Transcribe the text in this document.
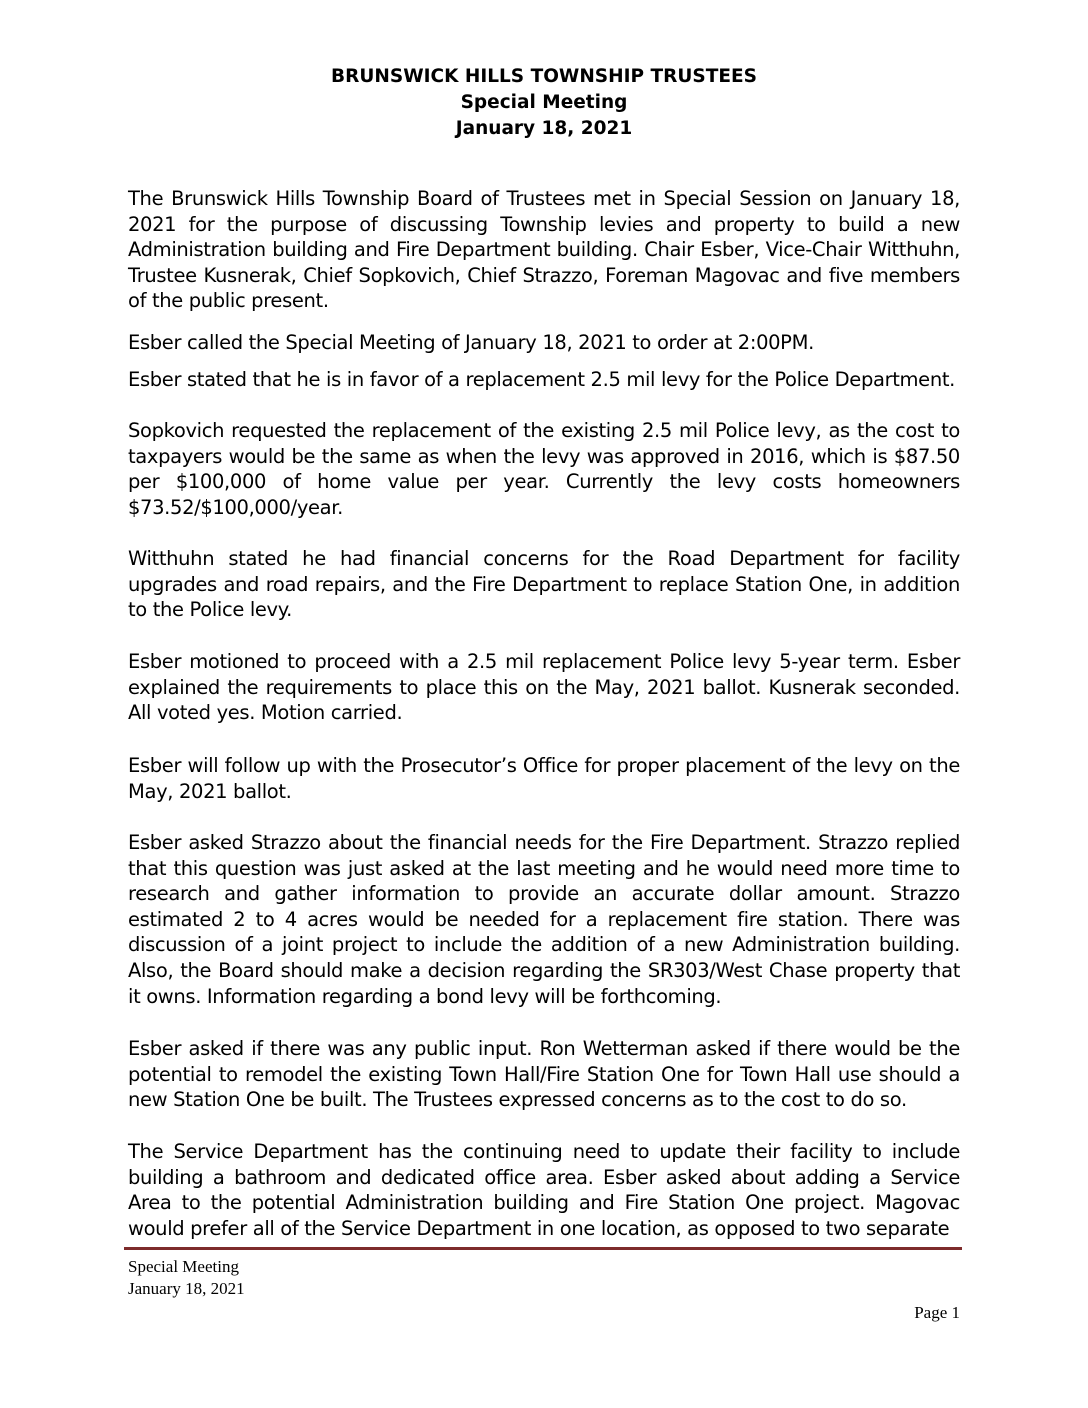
BRUNSWICK HILLS TOWNSHIP TRUSTEES
Special Meeting
January 18, 2021

The Brunswick Hills Township Board of Trustees met in Special Session on January 18, 2021 for the purpose of discussing Township levies and property to build a new Administration building and Fire Department building. Chair Esber, Vice-Chair Witthuhn, Trustee Kusnerak, Chief Sopkovich, Chief Strazzo, Foreman Magovac and five members of the public present.

Esber called the Special Meeting of January 18, 2021 to order at 2:00PM.

Esber stated that he is in favor of a replacement 2.5 mil levy for the Police Department.

Sopkovich requested the replacement of the existing 2.5 mil Police levy, as the cost to taxpayers would be the same as when the levy was approved in 2016, which is $87.50 per $100,000 of home value per year. Currently the levy costs homeowners $73.52/$100,000/year.

Witthuhn stated he had financial concerns for the Road Department for facility upgrades and road repairs, and the Fire Department to replace Station One, in addition to the Police levy.

Esber motioned to proceed with a 2.5 mil replacement Police levy 5-year term. Esber explained the requirements to place this on the May, 2021 ballot. Kusnerak seconded. All voted yes. Motion carried.

Esber will follow up with the Prosecutor’s Office for proper placement of the levy on the May, 2021 ballot.

Esber asked Strazzo about the financial needs for the Fire Department. Strazzo replied that this question was just asked at the last meeting and he would need more time to research and gather information to provide an accurate dollar amount. Strazzo estimated 2 to 4 acres would be needed for a replacement fire station. There was discussion of a joint project to include the addition of a new Administration building. Also, the Board should make a decision regarding the SR303/West Chase property that it owns. Information regarding a bond levy will be forthcoming.

Esber asked if there was any public input. Ron Wetterman asked if there would be the potential to remodel the existing Town Hall/Fire Station One for Town Hall use should a new Station One be built. The Trustees expressed concerns as to the cost to do so.

The Service Department has the continuing need to update their facility to include building a bathroom and dedicated office area. Esber asked about adding a Service Area to the potential Administration building and Fire Station One project. Magovac would prefer all of the Service Department in one location, as opposed to two separate

Special Meeting
January 18, 2021
Page 1
